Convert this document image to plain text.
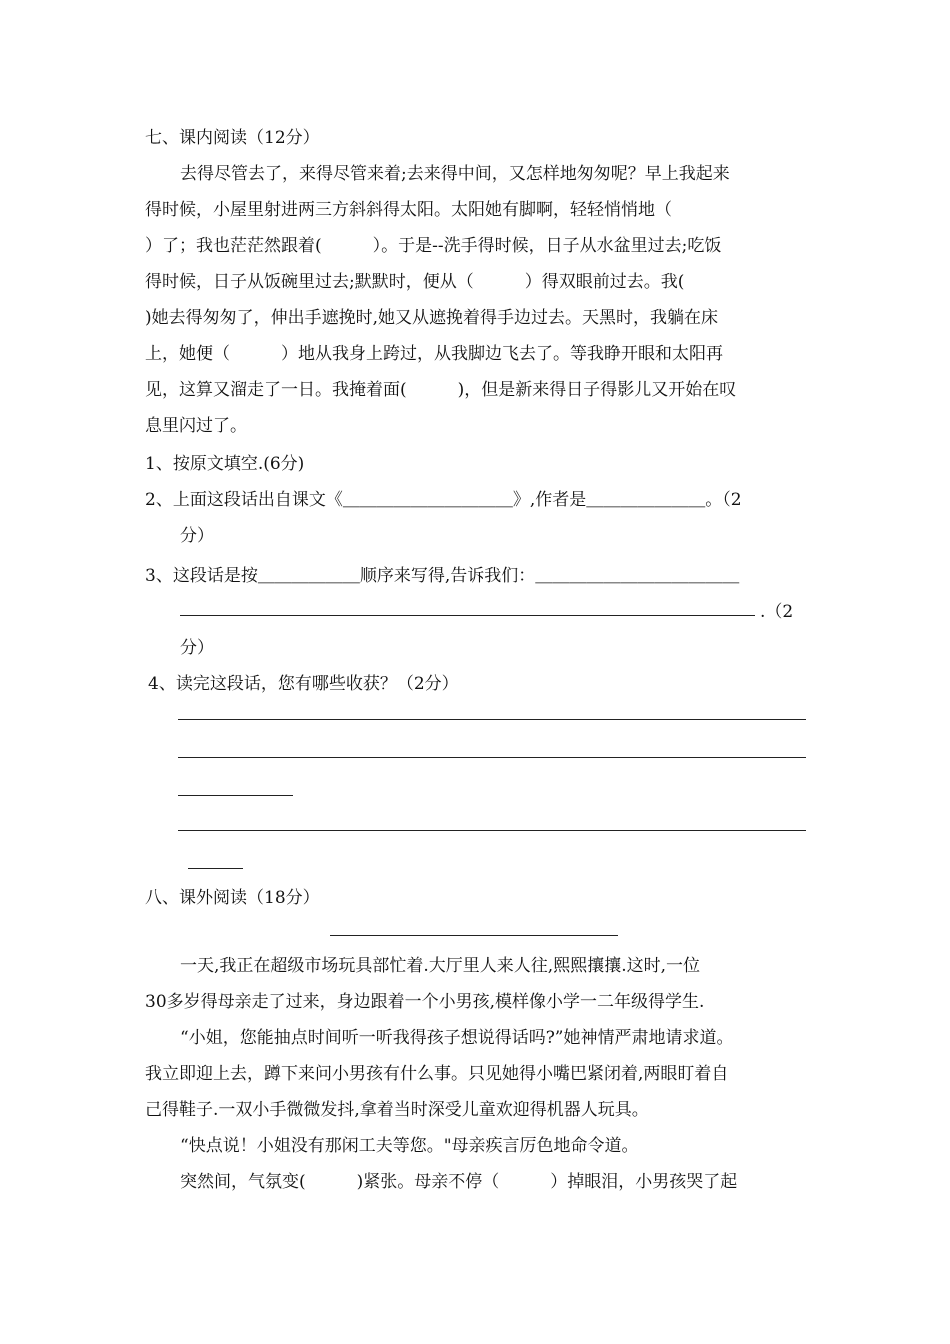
七、课内阅读（12分）
去得尽管去了，来得尽管来着;去来得中间，又怎样地匆匆呢？早上我起来
得时候，小屋里射进两三方斜斜得太阳。太阳她有脚啊，轻轻悄悄地（
）了；我也茫茫然跟着(　　　）。于是--洗手得时候，日子从水盆里过去;吃饭
得时候，日子从饭碗里过去;默默时，便从（　　　）得双眼前过去。我(
)她去得匆匆了，伸出手遮挽时,她又从遮挽着得手边过去。天黑时，我躺在床
上，她便（　　　）地从我身上跨过，从我脚边飞去了。等我睁开眼和太阳再
见，这算又溜走了一日。我掩着面(　　　)，但是新来得日子得影儿又开始在叹
息里闪过了。
1、按原文填空.(6分)
2、上面这段话出自课文《＿＿＿＿＿＿＿＿＿＿》,作者是＿＿＿＿＿＿＿。（2
分）
3、这段话是按＿＿＿＿＿＿顺序来写得,告诉我们：＿＿＿＿＿＿＿＿＿＿＿＿
.（2
分）
4、读完这段话，您有哪些收获？（2分）
八、课外阅读（18分）
一天,我正在超级市场玩具部忙着.大厅里人来人往,熙熙攘攘.这时,一位
30多岁得母亲走了过来，身边跟着一个小男孩,模样像小学一二年级得学生.
“小姐，您能抽点时间听一听我得孩子想说得话吗?”她神情严肃地请求道。
我立即迎上去，蹲下来问小男孩有什么事。只见她得小嘴巴紧闭着,两眼盯着自
己得鞋子.一双小手微微发抖,拿着当时深受儿童欢迎得机器人玩具。
“快点说！小姐没有那闲工夫等您。"母亲疾言厉色地命令道。
突然间，气氛变(　　　)紧张。母亲不停（　　　）掉眼泪，小男孩哭了起
